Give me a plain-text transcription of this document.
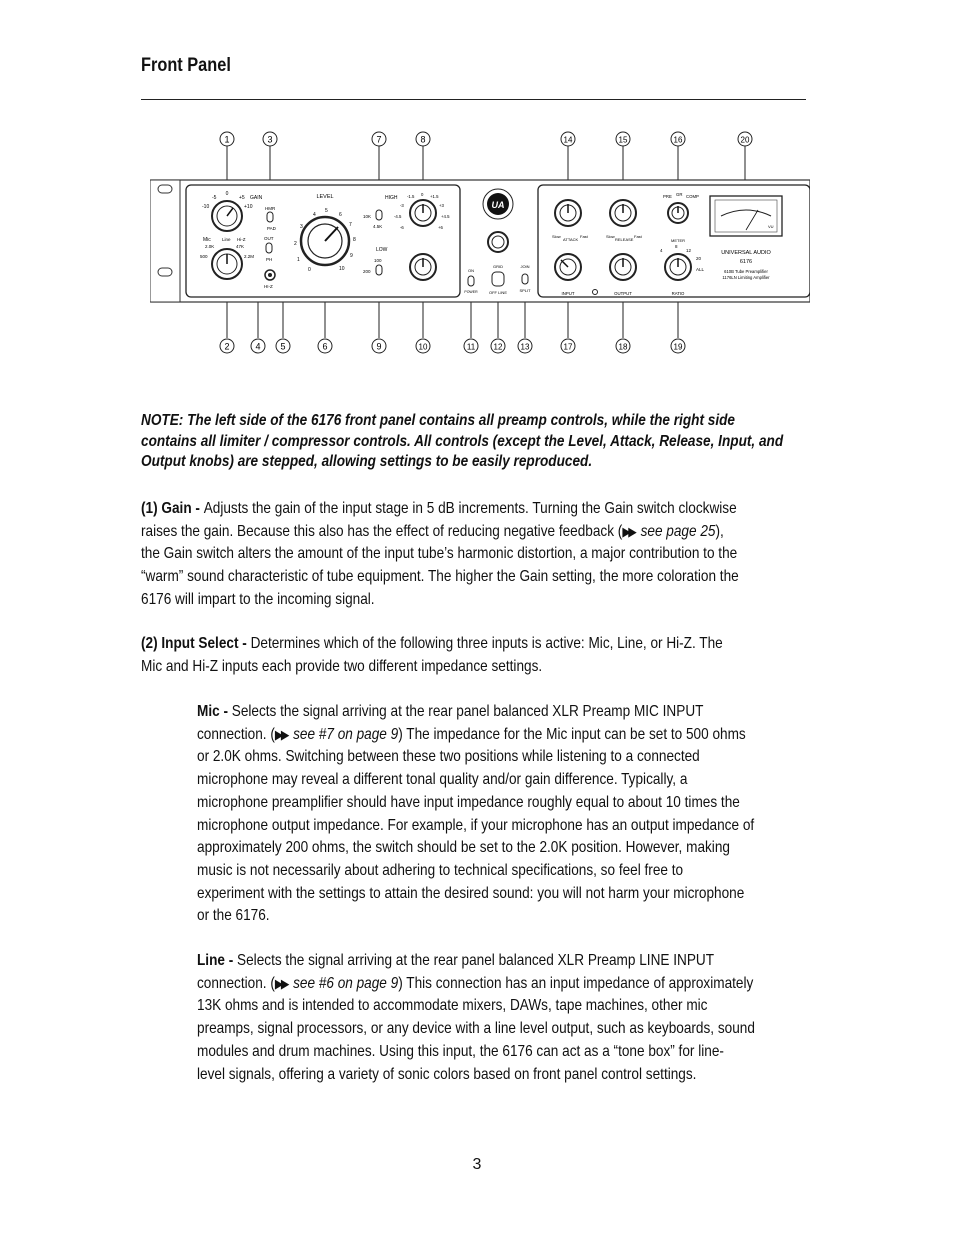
Front Panel
1	3	7	8	14	15	16	20
2	4 5	6	9	10	11 12 13	17	18	19
GAIN
-5
0
-10	+10
+5
HMR
PAD
Mic
2.0K
Line Hi-Z
47K
500	2.2M
OUT
PH
HI-Z
LEVEL
0
1
2
3
4
5
6
7
8
9
10
HIGH
10K
4.5K
LOW
100
200
-1.5 0 +1.5
-3	+3
-4.5	+4.5
-6	+6
UA
ON
POWER
GRID
OFF LINE
JOIN
SPLIT
Slow
ATTACK
Fast	Slow
RELEASE
Fast
PRE GR COMP
METER
INPUT	OUTPUT	RATIO
4
8
12
20
ALL
VU
UNIVERSAL AUDIO
6176
610B Tube Preamplifier
1176LN Limiting Amplifier
NOTE: The left side of the 6176 front panel contains all preamp controls, while the right side
contains all limiter / compressor controls. All controls (except the Level, Attack, Release, Input, and
Output knobs) are stepped, allowing settings to be easily reproduced.
(1) Gain - Adjusts the gain of the input stage in 5 dB increments. Turning the Gain switch clockwise
raises the gain. Because this also has the effect of reducing negative feedback (▶▶ see page 25),
the Gain switch alters the amount of the input tube’s harmonic distortion, a major contribution to the
“warm” sound characteristic of tube equipment. The higher the Gain setting, the more coloration the
6176 will impart to the incoming signal.
(2) Input Select - Determines which of the following three inputs is active: Mic, Line, or Hi-Z. The
Mic and Hi-Z inputs each provide two different impedance settings.
Mic - Selects the signal arriving at the rear panel balanced XLR Preamp MIC INPUT
connection. (▶▶ see #7 on page 9) The impedance for the Mic input can be set to 500 ohms
or 2.0K ohms. Switching between these two positions while listening to a connected
microphone may reveal a different tonal quality and/or gain difference. Typically, a
microphone preamplifier should have input impedance roughly equal to about 10 times the
microphone output impedance. For example, if your microphone has an output impedance of
approximately 200 ohms, the switch should be set to the 2.0K position. However, making
music is not necessarily about adhering to technical specifications, so feel free to
experiment with the settings to attain the desired sound: you will not harm your microphone
or the 6176.
Line - Selects the signal arriving at the rear panel balanced XLR Preamp LINE INPUT
connection. (▶▶ see #6 on page 9) This connection has an input impedance of approximately
13K ohms and is intended to accommodate mixers, DAWs, tape machines, other mic
preamps, signal processors, or any device with a line level output, such as keyboards, sound
modules and drum machines. Using this input, the 6176 can act as a “tone box” for line-
level signals, offering a variety of sonic colors based on front panel control settings.
3
